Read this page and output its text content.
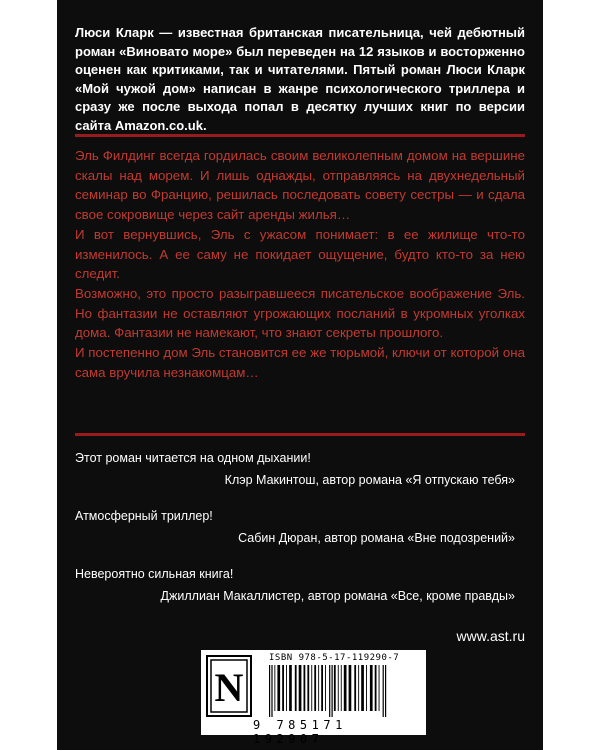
Люси Кларк — известная британская писательница, чей дебютный роман «Виновато море» был переведен на 12 языков и восторженно оценен как критиками, так и читателями. Пятый роман Люси Кларк «Мой чужой дом» написан в жанре психологического триллера и сразу же после выхода попал в десятку лучших книг по версии сайта Amazon.co.uk.

Эль Филдинг всегда гордилась своим великолепным домом на вершине скалы над морем. И лишь однажды, отправляясь на двухнедельный семинар во Францию, решилась последовать совету сестры — и сдала свое сокровище через сайт аренды жилья…

И вот вернувшись, Эль с ужасом понимает: в ее жилище что-то изменилось. А ее саму не покидает ощущение, будто кто-то за нею следит.

Возможно, это просто разыгравшееся писательское воображение Эль. Но фантазии не оставляют угрожающих посланий в укромных уголках дома. Фантазии не намекают, что знают секреты прошлого.

И постепенно дом Эль становится ее же тюрьмой, ключи от которой она сама вручила незнакомцам…

Этот роман читается на одном дыхании!
Клэр Макинтош, автор романа «Я отпускаю тебя»
Атмосферный триллер!
Сабин Дюран, автор романа «Вне подозрений»
Невероятно сильная книга!
Джиллиан Макаллистер, автор романа «Все, кроме правды»
www.ast.ru
N
ISBN 978-5-17-119290-7
9 785171 192907
